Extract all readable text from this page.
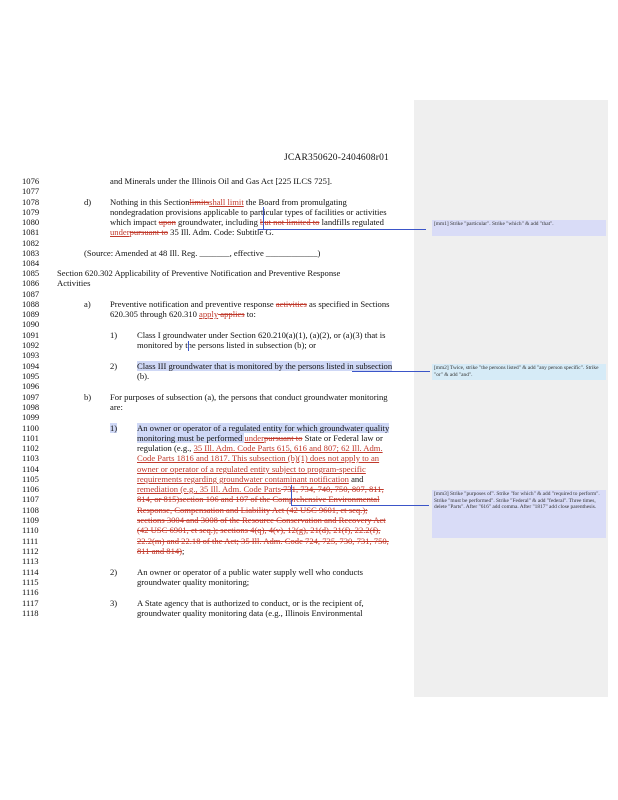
JCAR350620-2404608r01
1076	and Minerals under the Illinois Oil and Gas Act [225 ILCS 725].
1077
1078	d) Nothing in this Sectionlimitsshall limit the Board from promulgating
1079	nondegradation provisions applicable to particular types of facilities or activities
1080	which impact upon groundwater, including but not limited to landfills regulated
1081	underpursuant to 35 Ill. Adm. Code: Subtitle G.
1082
1083	(Source: Amended at 48 Ill. Reg. _______, effective ____________)
1084
1085 Section 620.302 Applicability of Preventive Notification and Preventive Response
1086 Activities
1087
1088	a) Preventive notification and preventive response activities as specified in Sections
1089	620.305 through 620.310 apply applies to:
1090
1091	1) Class I groundwater under Section 620.210(a)(1), (a)(2), or (a)(3) that is
1092	monitored by the persons listed in subsection (b); or
1093
1094	2) Class III groundwater that is monitored by the persons listed in subsection
1095	(b).
1096
1097	b) For purposes of subsection (a), the persons that conduct groundwater monitoring
1098	are:
1099
1100	1) An owner or operator of a regulated entity for which groundwater quality
1101	monitoring must be performed underpursuant to State or Federal law or
1102	regulation (e.g., 35 Ill. Adm. Code Parts 615, 616 and 807; 62 Ill. Adm.
1103	Code Parts 1816 and 1817. This subsection (b)(1) does not apply to an
1104	owner or operator of a regulated entity subject to program-specific
1105	requirements regarding groundwater contaminant notification and
1106	remediation (e.g., 35 Ill. Adm. Code Parts 731, 734, 740, 750, 807, 811,
1107	814, or 815)section 106 and 107 of the Comprehensive Environmental
1108	Response, Compensation and Liability Act (42 USC 9601, et seq.);
1109	sections 3004 and 3008 of the Resource Conservation and Recovery Act
1110	(42 USC 6901, et seq.); sections 4(q), 4(v), 12(g), 21(d), 21(f), 22.2(f),
1111	22.2(m) and 22.18 of the Act; 35 Ill. Adm. Code 724, 725, 730, 731, 750,
1112	811 and 814);
1113
1114	2) An owner or operator of a public water supply well who conducts
1115	groundwater quality monitoring;
1116
1117	3) A State agency that is authorized to conduct, or is the recipient of,
1118	groundwater quality monitoring data (e.g., Illinois Environmental
[mm1] Strike "particular". Strike "which" & add "that".
[mm2] Twice, strike "the persons listed" & add "any person specific". Strike "or" & add "and".
[mm3] Strike "purposes of". Strike "for which" & add "required to perform". Strike "must be performed". Strike "Federal" & add "federal". Three times, delete "Parts". After "616" add comma. After "1817" add close parenthesis.
